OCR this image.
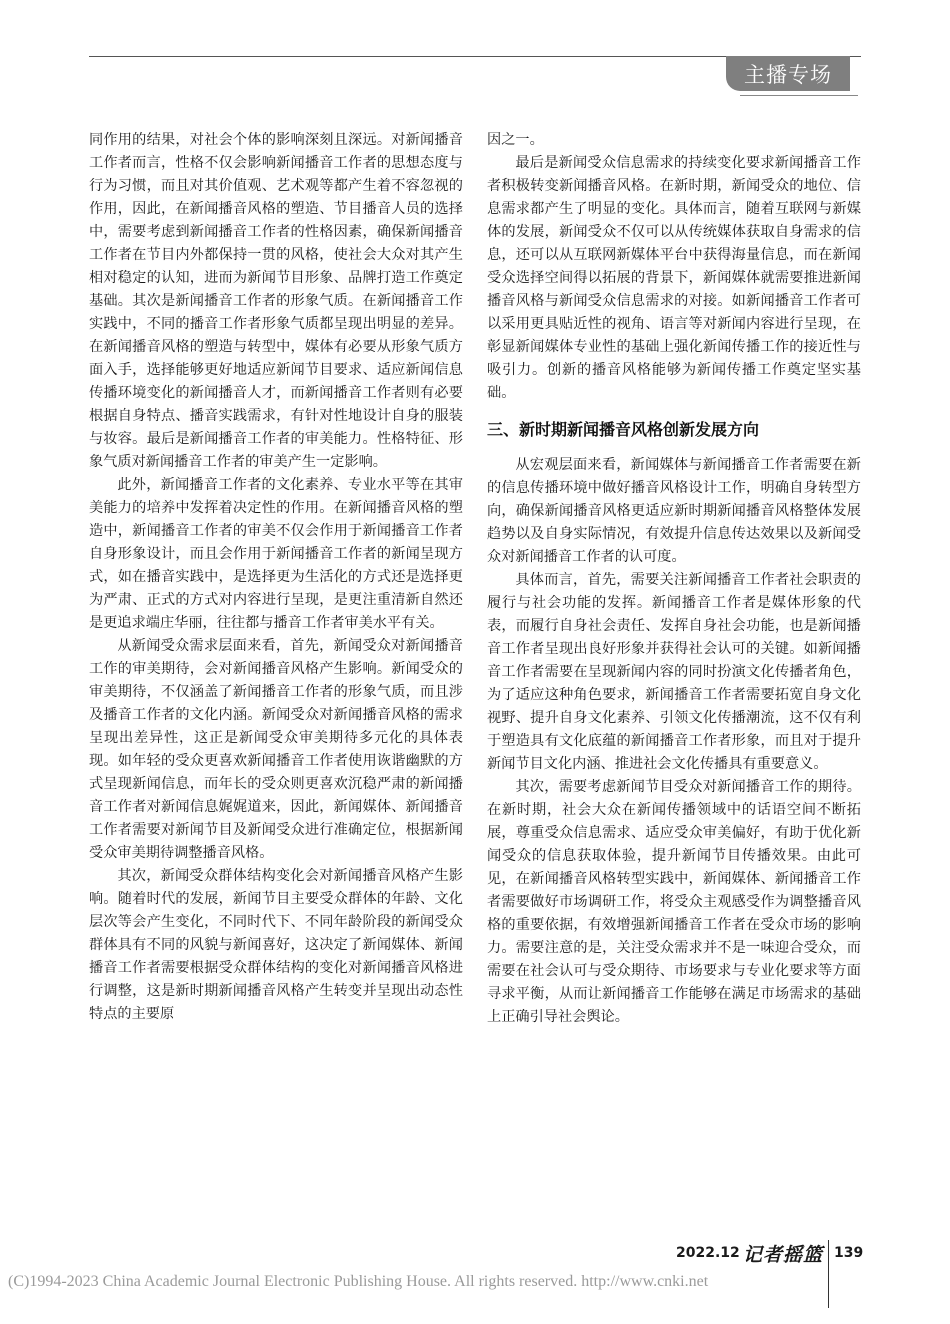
主播专场

同作用的结果，对社会个体的影响深刻且深远。对新闻播音工作者而言，性格不仅会影响新闻播音工作者的思想态度与行为习惯，而且对其价值观、艺术观等都产生着不容忽视的作用，因此，在新闻播音风格的塑造、节目播音人员的选择中，需要考虑到新闻播音工作者的性格因素，确保新闻播音工作者在节目内外都保持一贯的风格，使社会大众对其产生相对稳定的认知，进而为新闻节目形象、品牌打造工作奠定基础。其次是新闻播音工作者的形象气质。在新闻播音工作实践中，不同的播音工作者形象气质都呈现出明显的差异。在新闻播音风格的塑造与转型中，媒体有必要从形象气质方面入手，选择能够更好地适应新闻节目要求、适应新闻信息传播环境变化的新闻播音人才，而新闻播音工作者则有必要根据自身特点、播音实践需求，有针对性地设计自身的服装与妆容。最后是新闻播音工作者的审美能力。性格特征、形象气质对新闻播音工作者的审美产生一定影响。

此外，新闻播音工作者的文化素养、专业水平等在其审美能力的培养中发挥着决定性的作用。在新闻播音风格的塑造中，新闻播音工作者的审美不仅会作用于新闻播音工作者自身形象设计，而且会作用于新闻播音工作者的新闻呈现方式，如在播音实践中，是选择更为生活化的方式还是选择更为严肃、正式的方式对内容进行呈现，是更注重清新自然还是更追求端庄华丽，往往都与播音工作者审美水平有关。

从新闻受众需求层面来看，首先，新闻受众对新闻播音工作的审美期待，会对新闻播音风格产生影响。新闻受众的审美期待，不仅涵盖了新闻播音工作者的形象气质，而且涉及播音工作者的文化内涵。新闻受众对新闻播音风格的需求呈现出差异性，这正是新闻受众审美期待多元化的具体表现。如年轻的受众更喜欢新闻播音工作者使用诙谐幽默的方式呈现新闻信息，而年长的受众则更喜欢沉稳严肃的新闻播音工作者对新闻信息娓娓道来，因此，新闻媒体、新闻播音工作者需要对新闻节目及新闻受众进行准确定位，根据新闻受众审美期待调整播音风格。

其次，新闻受众群体结构变化会对新闻播音风格产生影响。随着时代的发展，新闻节目主要受众群体的年龄、文化层次等会产生变化，不同时代下、不同年龄阶段的新闻受众群体具有不同的风貌与新闻喜好，这决定了新闻媒体、新闻播音工作者需要根据受众群体结构的变化对新闻播音风格进行调整，这是新时期新闻播音风格产生转变并呈现出动态性特点的主要原

因之一。

最后是新闻受众信息需求的持续变化要求新闻播音工作者积极转变新闻播音风格。在新时期，新闻受众的地位、信息需求都产生了明显的变化。具体而言，随着互联网与新媒体的发展，新闻受众不仅可以从传统媒体获取自身需求的信息，还可以从互联网新媒体平台中获得海量信息，而在新闻受众选择空间得以拓展的背景下，新闻媒体就需要推进新闻播音风格与新闻受众信息需求的对接。如新闻播音工作者可以采用更具贴近性的视角、语言等对新闻内容进行呈现，在彰显新闻媒体专业性的基础上强化新闻传播工作的接近性与吸引力。创新的播音风格能够为新闻传播工作奠定坚实基础。

三、新时期新闻播音风格创新发展方向

从宏观层面来看，新闻媒体与新闻播音工作者需要在新的信息传播环境中做好播音风格设计工作，明确自身转型方向，确保新闻播音风格更适应新时期新闻播音风格整体发展趋势以及自身实际情况，有效提升信息传达效果以及新闻受众对新闻播音工作者的认可度。

具体而言，首先，需要关注新闻播音工作者社会职责的履行与社会功能的发挥。新闻播音工作者是媒体形象的代表，而履行自身社会责任、发挥自身社会功能，也是新闻播音工作者呈现出良好形象并获得社会认可的关键。如新闻播音工作者需要在呈现新闻内容的同时扮演文化传播者角色，为了适应这种角色要求，新闻播音工作者需要拓宽自身文化视野、提升自身文化素养、引领文化传播潮流，这不仅有利于塑造具有文化底蕴的新闻播音工作者形象，而且对于提升新闻节目文化内涵、推进社会文化传播具有重要意义。

其次，需要考虑新闻节目受众对新闻播音工作的期待。在新时期，社会大众在新闻传播领域中的话语空间不断拓展，尊重受众信息需求、适应受众审美偏好，有助于优化新闻受众的信息获取体验，提升新闻节目传播效果。由此可见，在新闻播音风格转型实践中，新闻媒体、新闻播音工作者需要做好市场调研工作，将受众主观感受作为调整播音风格的重要依据，有效增强新闻播音工作者在受众市场的影响力。需要注意的是，关注受众需求并不是一味迎合受众，而需要在社会认可与受众期待、市场要求与专业化要求等方面寻求平衡，从而让新闻播音工作能够在满足市场需求的基础上正确引导社会舆论。

2022.12 记者摇篮 139
(C)1994-2023 China Academic Journal Electronic Publishing House. All rights reserved. http://www.cnki.net
